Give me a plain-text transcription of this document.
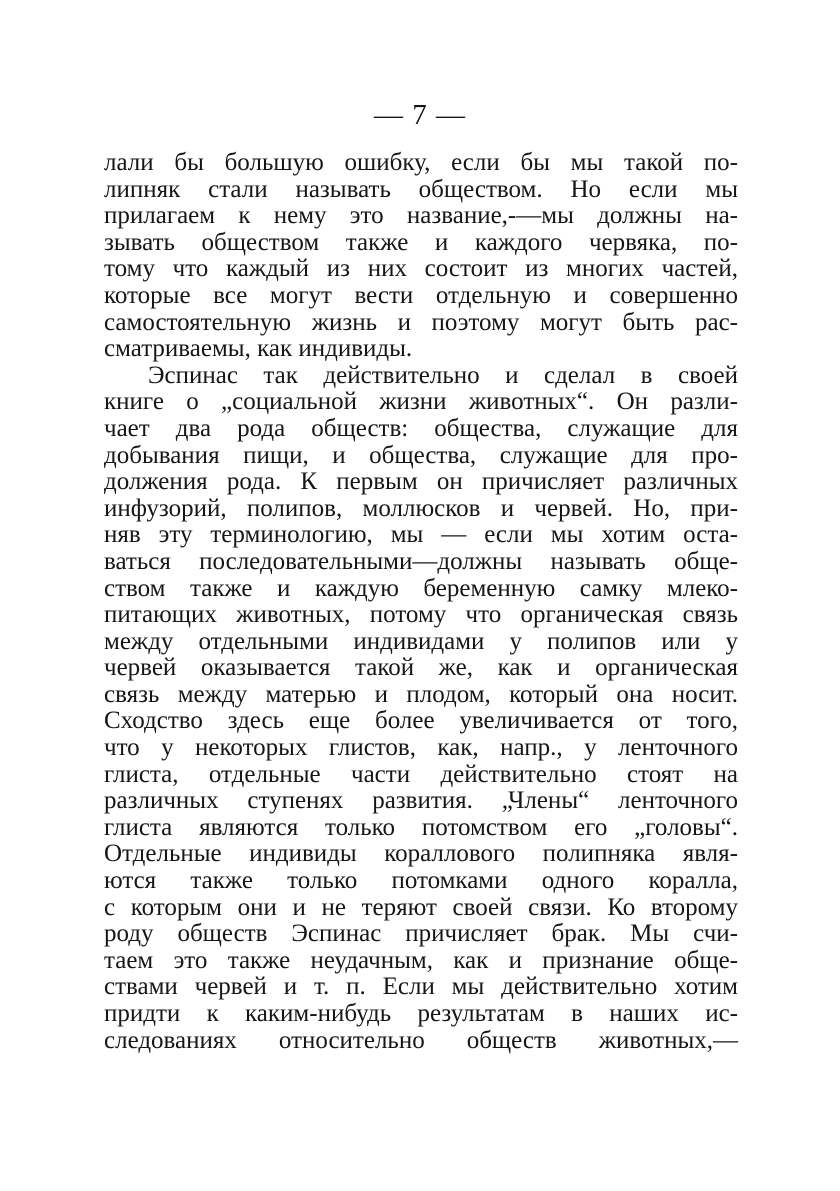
— 7 —
лали бы большую ошибку, если бы мы такой по-
липняк стали называть обществом. Но если мы
прилагаем к нему это название,-—мы должны на-
зывать обществом также и каждого червяка, по-
тому что каждый из них состоит из многих частей,
которые все могут вести отдельную и совершенно
самостоятельную жизнь и поэтому могут быть рас-
сматриваемы, как индивиды.
Эспинас так действительно и сделал в своей
книге о „социальной жизни животных“. Он разли-
чает два рода обществ: общества, служащие для
добывания пищи, и общества, служащие для про-
должения рода. К первым он причисляет различных
инфузорий, полипов, моллюсков и червей. Но, при-
няв эту терминологию, мы — если мы хотим оста-
ваться последовательными—должны называть обще-
ством также и каждую беременную самку млеко-
питающих животных, потому что органическая связь
между отдельными индивидами у полипов или у
червей оказывается такой же, как и органическая
связь между матерью и плодом, который она носит.
Сходство здесь еще более увеличивается от того,
что у некоторых глистов, как, напр., у ленточного
глиста, отдельные части действительно стоят на
различных ступенях развития. „Члены“ ленточного
глиста являются только потомством его „головы“.
Отдельные индивиды кораллового полипняка явля-
ются также только потомками одного коралла,
с которым они и не теряют своей связи. Ко второму
роду обществ Эспинас причисляет брак. Мы счи-
таем это также неудачным, как и признание обще-
ствами червей и т. п. Если мы действительно хотим
придти к каким-нибудь результатам в наших ис-
следованиях относительно обществ животных,—
